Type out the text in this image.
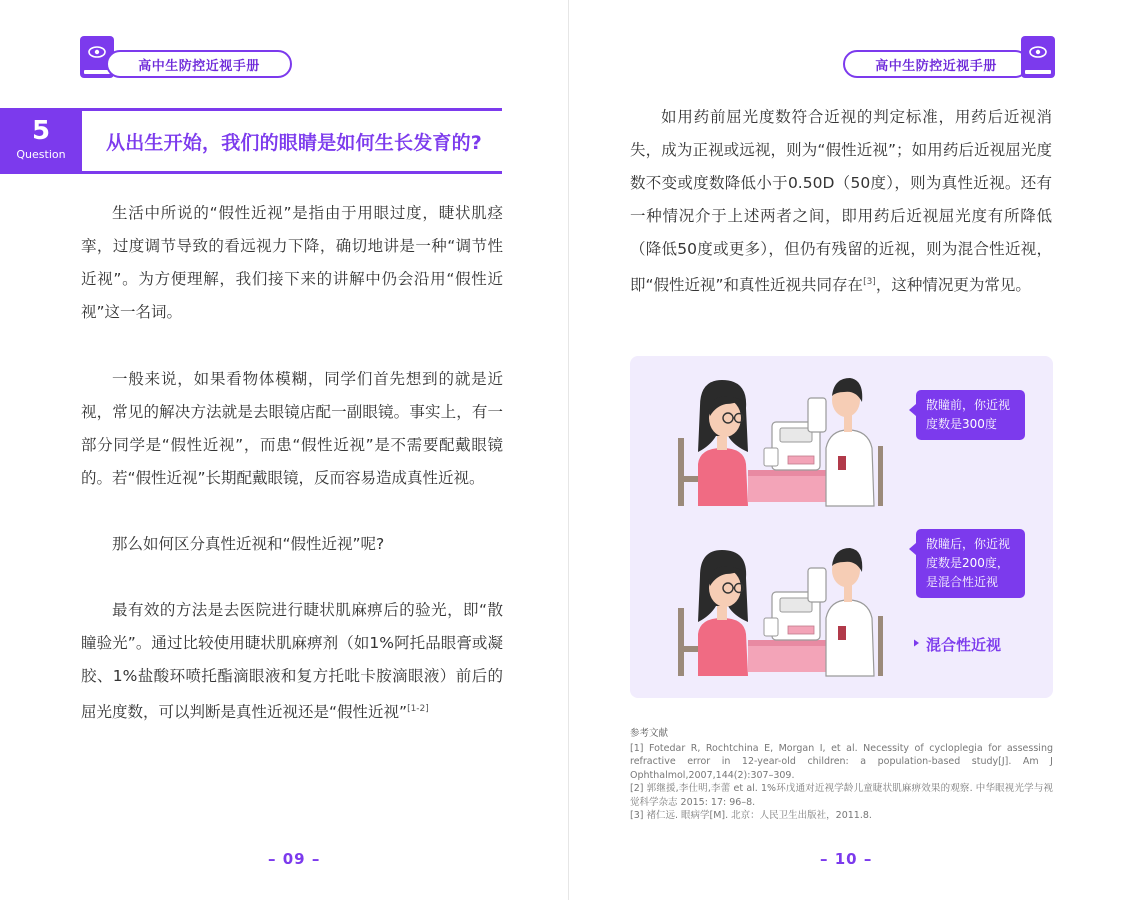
高中生防控近视手册
5
Question
从出生开始，我们的眼睛是如何生长发育的?

生活中所说的“假性近视”是指由于用眼过度，睫状肌痉挛，过度调节导致的看远视力下降，确切地讲是一种“调节性近视”。为方便理解，我们接下来的讲解中仍会沿用“假性近视”这一名词。

一般来说，如果看物体模糊，同学们首先想到的就是近视，常见的解决方法就是去眼镜店配一副眼镜。事实上，有一部分同学是“假性近视”，而患“假性近视”是不需要配戴眼镜的。若“假性近视”长期配戴眼镜，反而容易造成真性近视。

那么如何区分真性近视和“假性近视”呢?

最有效的方法是去医院进行睫状肌麻痹后的验光，即“散瞳验光”。通过比较使用睫状肌麻痹剂（如1%阿托品眼膏或凝胶、1%盐酸环喷托酯滴眼液和复方托吡卡胺滴眼液）前后的屈光度数，可以判断是真性近视还是“假性近视”[1-2]

– 09 –
高中生防控近视手册

如用药前屈光度数符合近视的判定标准，用药后近视消失，成为正视或远视，则为“假性近视”；如用药后近视屈光度数不变或度数降低小于0.50D（50度），则为真性近视。还有一种情况介于上述两者之间，即用药后近视屈光度有所降低（降低50度或更多），但仍有残留的近视，则为混合性近视，即“假性近视”和真性近视共同存在[3]，这种情况更为常见。

散瞳前，你近视
度数是300度
散瞳后，你近视
度数是200度，
是混合性近视
混合性近视

参考文献

[1] Fotedar R, Rochtchina E, Morgan I, et al. Necessity of cycloplegia for assessing refractive error in 12-year-old children: a population-based study[J]. Am J Ophthalmol,2007,144(2):307–309.

[2] 郭继援,李仕明,李蕾 et al. 1%环戊通对近视学龄儿童睫状肌麻痹效果的观察. 中华眼视光学与视觉科学杂志 2015: 17: 96–8.

[3] 褚仁远. 眼病学[M]. 北京：人民卫生出版社，2011.8.

– 10 –
